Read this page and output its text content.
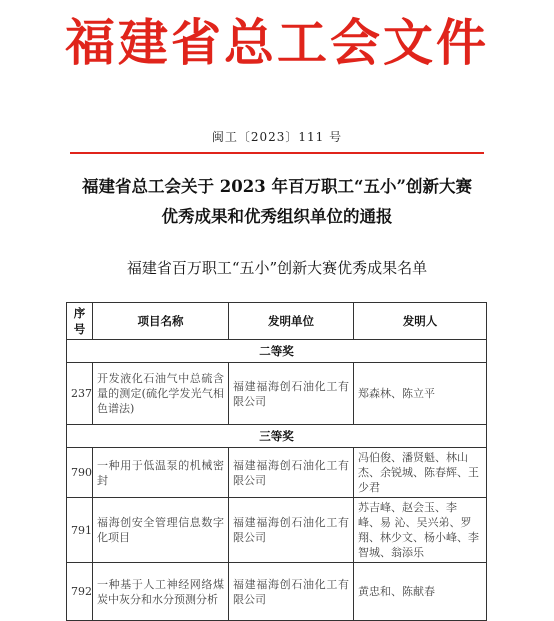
福建省总工会文件
闽工〔2023〕111 号
福建省总工会关于 2023 年百万职工“五小”创新大赛
优秀成果和优秀组织单位的通报
福建省百万职工“五小”创新大赛优秀成果名单
序号	项目名称	发明单位	发明人
二等奖			
237	开发液化石油气中总硫含量的测定(硫化学发光气相色谱法)	福建福海创石油化工有限公司	郑森林、陈立平
三等奖			
790	一种用于低温泵的机械密封	福建福海创石油化工有限公司	冯伯俊、潘贤魁、林山杰、余锐城、陈春辉、王少君
791	福海创安全管理信息数字化项目	福建福海创石油化工有限公司	苏吉峰、赵会玉、李 峰、易 沁、吴兴弟、罗 翔、林少文、杨小峰、李智城、翁添乐
792	一种基于人工神经网络煤炭中灰分和水分预测分析	福建福海创石油化工有限公司	黄忠和、陈献春
